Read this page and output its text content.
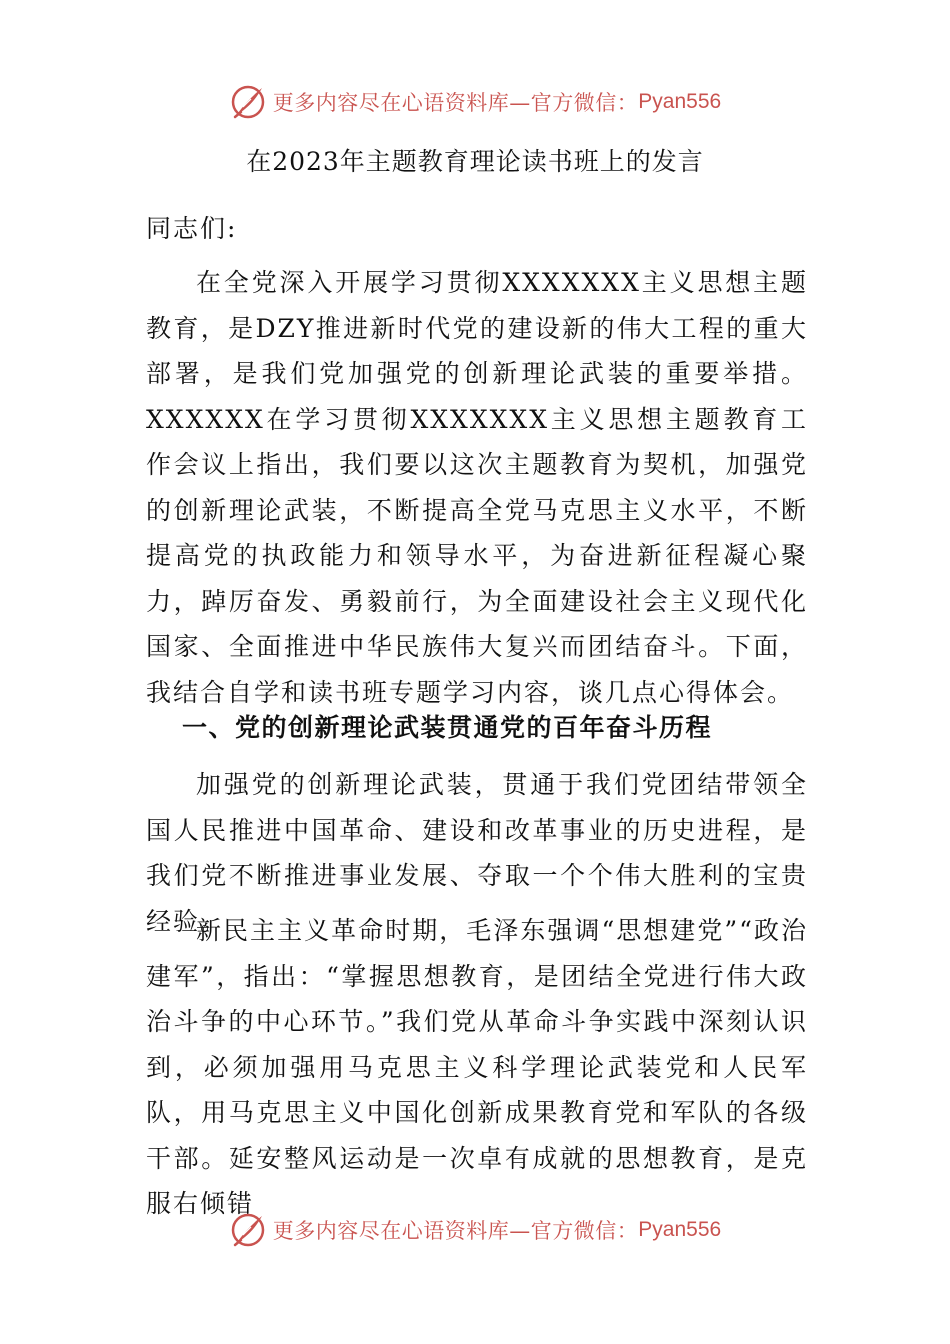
更多内容尽在心语资料库—官方微信： Pyan556
在2023年主题教育理论读书班上的发言

同志们:

在全党深入开展学习贯彻XXXXXXX主义思想主题教育，是DZY推进新时代党的建设新的伟大工程的重大部署，是我们党加强党的创新理论武装的重要举措。XXXXXX在学习贯彻XXXXXXX主义思想主题教育工作会议上指出，我们要以这次主题教育为契机，加强党的创新理论武装，不断提高全党马克思主义水平，不断提高党的执政能力和领导水平，为奋进新征程凝心聚力，踔厉奋发、勇毅前行，为全面建设社会主义现代化国家、全面推进中华民族伟大复兴而团结奋斗。下面，我结合自学和读书班专题学习内容，谈几点心得体会。

一、党的创新理论武装贯通党的百年奋斗历程

加强党的创新理论武装，贯通于我们党团结带领全国人民推进中国革命、建设和改革事业的历史进程，是我们党不断推进事业发展、夺取一个个伟大胜利的宝贵经验。

新民主主义革命时期，毛泽东强调“思想建党”“政治建军”，指出：“掌握思想教育，是团结全党进行伟大政治斗争的中心环节。”我们党从革命斗争实践中深刻认识到，必须加强用马克思主义科学理论武装党和人民军队，用马克思主义中国化创新成果教育党和军队的各级干部。延安整风运动是一次卓有成就的思想教育，是克服右倾错

更多内容尽在心语资料库—官方微信： Pyan556
